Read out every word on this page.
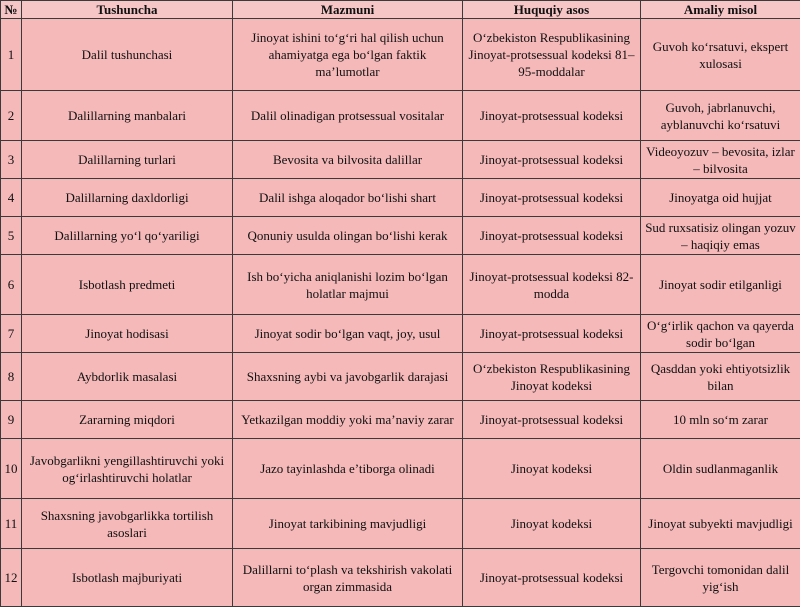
№	Tushuncha	Mazmuni	Huquqiy asos	Amaliy misol
1	Dalil tushunchasi	Jinoyat ishini to‘g‘ri hal qilish uchun ahamiyatga ega bo‘lgan faktik ma’lumotlar	O‘zbekiston Respublikasining Jinoyat-protsessual kodeksi 81–95-moddalar	Guvoh ko‘rsatuvi, ekspert xulosasi
2	Dalillarning manbalari	Dalil olinadigan protsessual vositalar	Jinoyat-protsessual kodeksi	Guvoh, jabrlanuvchi, ayblanuvchi ko‘rsatuvi
3	Dalillarning turlari	Bevosita va bilvosita dalillar	Jinoyat-protsessual kodeksi	Videoyozuv – bevosita, izlar – bilvosita
4	Dalillarning daxldorligi	Dalil ishga aloqador bo‘lishi shart	Jinoyat-protsessual kodeksi	Jinoyatga oid hujjat
5	Dalillarning yo‘l qo‘yariligi	Qonuniy usulda olingan bo‘lishi kerak	Jinoyat-protsessual kodeksi	Sud ruxsatisiz olingan yozuv – haqiqiy emas
6	Isbotlash predmeti	Ish bo‘yicha aniqlanishi lozim bo‘lgan holatlar majmui	Jinoyat-protsessual kodeksi 82-modda	Jinoyat sodir etilganligi
7	Jinoyat hodisasi	Jinoyat sodir bo‘lgan vaqt, joy, usul	Jinoyat-protsessual kodeksi	O‘g‘irlik qachon va qayerda sodir bo‘lgan
8	Aybdorlik masalasi	Shaxsning aybi va javobgarlik darajasi	O‘zbekiston Respublikasining Jinoyat kodeksi	Qasddan yoki ehtiyotsizlik bilan
9	Zararning miqdori	Yetkazilgan moddiy yoki ma’naviy zarar	Jinoyat-protsessual kodeksi	10 mln so‘m zarar
10	Javobgarlikni yengillashtiruvchi yoki og‘irlashtiruvchi holatlar	Jazo tayinlashda e’tiborga olinadi	Jinoyat kodeksi	Oldin sudlanmaganlik
11	Shaxsning javobgarlikka tortilish asoslari	Jinoyat tarkibining mavjudligi	Jinoyat kodeksi	Jinoyat subyekti mavjudligi
12	Isbotlash majburiyati	Dalillarni to‘plash va tekshirish vakolati organ zimmasida	Jinoyat-protsessual kodeksi	Tergovchi tomonidan dalil yig‘ish
